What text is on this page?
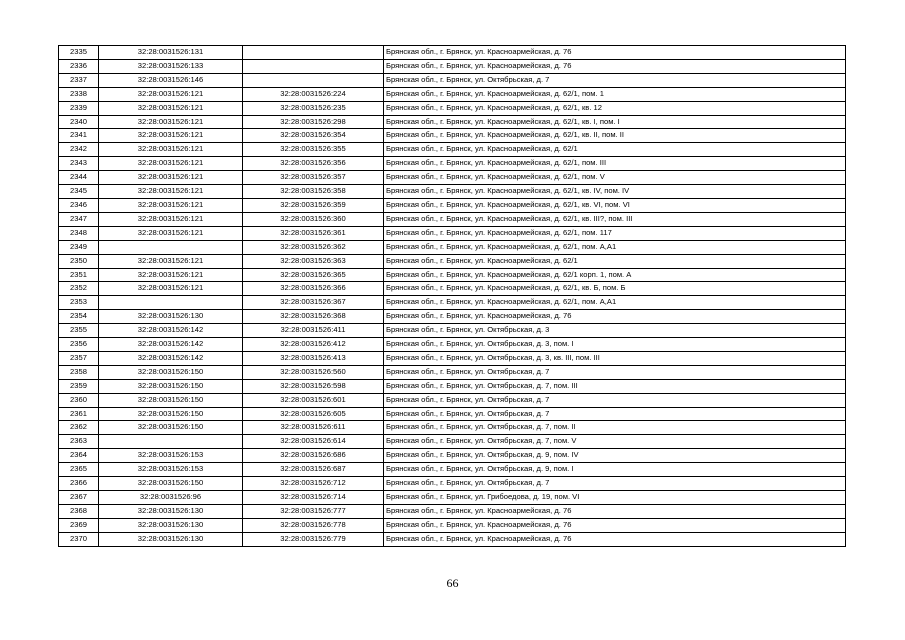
2335	32:28:0031526:131		Брянская обл., г. Брянск, ул. Красноармейская, д. 76
2336	32:28:0031526:133		Брянская обл., г. Брянск, ул. Красноармейская, д. 76
2337	32:28:0031526:146		Брянская обл., г. Брянск, ул. Октябрьская, д. 7
2338	32:28:0031526:121	32:28:0031526:224	Брянская обл., г. Брянск, ул. Красноармейская, д. 62/1, пом. 1
2339	32:28:0031526:121	32:28:0031526:235	Брянская обл., г. Брянск, ул. Красноармейская, д. 62/1, кв. 12
2340	32:28:0031526:121	32:28:0031526:298	Брянская обл., г. Брянск, ул. Красноармейская, д. 62/1, кв. I, пом. I
2341	32:28:0031526:121	32:28:0031526:354	Брянская обл., г. Брянск, ул. Красноармейская, д. 62/1, кв. II, пом. II
2342	32:28:0031526:121	32:28:0031526:355	Брянская обл., г. Брянск, ул. Красноармейская, д. 62/1
2343	32:28:0031526:121	32:28:0031526:356	Брянская обл., г. Брянск, ул. Красноармейская, д. 62/1, пом. III
2344	32:28:0031526:121	32:28:0031526:357	Брянская обл., г. Брянск, ул. Красноармейская, д. 62/1, пом. V
2345	32:28:0031526:121	32:28:0031526:358	Брянская обл., г. Брянск, ул. Красноармейская, д. 62/1, кв. IV, пом. IV
2346	32:28:0031526:121	32:28:0031526:359	Брянская обл., г. Брянск, ул. Красноармейская, д. 62/1, кв. VI, пом. VI
2347	32:28:0031526:121	32:28:0031526:360	Брянская обл., г. Брянск, ул. Красноармейская, д. 62/1, кв. III?, пом. III
2348	32:28:0031526:121	32:28:0031526:361	Брянская обл., г. Брянск, ул. Красноармейская, д. 62/1, пом. 117
2349		32:28:0031526:362	Брянская обл., г. Брянск, ул. Красноармейская, д. 62/1, пом. А,А1
2350	32:28:0031526:121	32:28:0031526:363	Брянская обл., г. Брянск, ул. Красноармейская, д. 62/1
2351	32:28:0031526:121	32:28:0031526:365	Брянская обл., г. Брянск, ул. Красноармейская, д. 62/1 корп. 1, пом. А
2352	32:28:0031526:121	32:28:0031526:366	Брянская обл., г. Брянск, ул. Красноармейская, д. 62/1, кв. Б, пом. Б
2353		32:28:0031526:367	Брянская обл., г. Брянск, ул. Красноармейская, д. 62/1, пом. А,А1
2354	32:28:0031526:130	32:28:0031526:368	Брянская обл., г. Брянск, ул. Красноармейская, д. 76
2355	32:28:0031526:142	32:28:0031526:411	Брянская обл., г. Брянск, ул. Октябрьская, д. 3
2356	32:28:0031526:142	32:28:0031526:412	Брянская обл., г. Брянск, ул. Октябрьская, д. 3, пом. I
2357	32:28:0031526:142	32:28:0031526:413	Брянская обл., г. Брянск, ул. Октябрьская, д. 3, кв. III, пом. III
2358	32:28:0031526:150	32:28:0031526:560	Брянская обл., г. Брянск, ул. Октябрьская, д. 7
2359	32:28:0031526:150	32:28:0031526:598	Брянская обл., г. Брянск, ул. Октябрьская, д. 7, пом. III
2360	32:28:0031526:150	32:28:0031526:601	Брянская обл., г. Брянск, ул. Октябрьская, д. 7
2361	32:28:0031526:150	32:28:0031526:605	Брянская обл., г. Брянск, ул. Октябрьская, д. 7
2362	32:28:0031526:150	32:28:0031526:611	Брянская обл., г. Брянск, ул. Октябрьская, д. 7, пом. II
2363		32:28:0031526:614	Брянская обл., г. Брянск, ул. Октябрьская, д. 7, пом. V
2364	32:28:0031526:153	32:28:0031526:686	Брянская обл., г. Брянск, ул. Октябрьская, д. 9, пом. IV
2365	32:28:0031526:153	32:28:0031526:687	Брянская обл., г. Брянск, ул. Октябрьская, д. 9, пом. I
2366	32:28:0031526:150	32:28:0031526:712	Брянская обл., г. Брянск, ул. Октябрьская, д. 7
2367	32:28:0031526:96	32:28:0031526:714	Брянская обл., г. Брянск, ул. Грибоедова, д. 19, пом. VI
2368	32:28:0031526:130	32:28:0031526:777	Брянская обл., г. Брянск, ул. Красноармейская, д. 76
2369	32:28:0031526:130	32:28:0031526:778	Брянская обл., г. Брянск, ул. Красноармейская, д. 76
2370	32:28:0031526:130	32:28:0031526:779	Брянская обл., г. Брянск, ул. Красноармейская, д. 76
66
